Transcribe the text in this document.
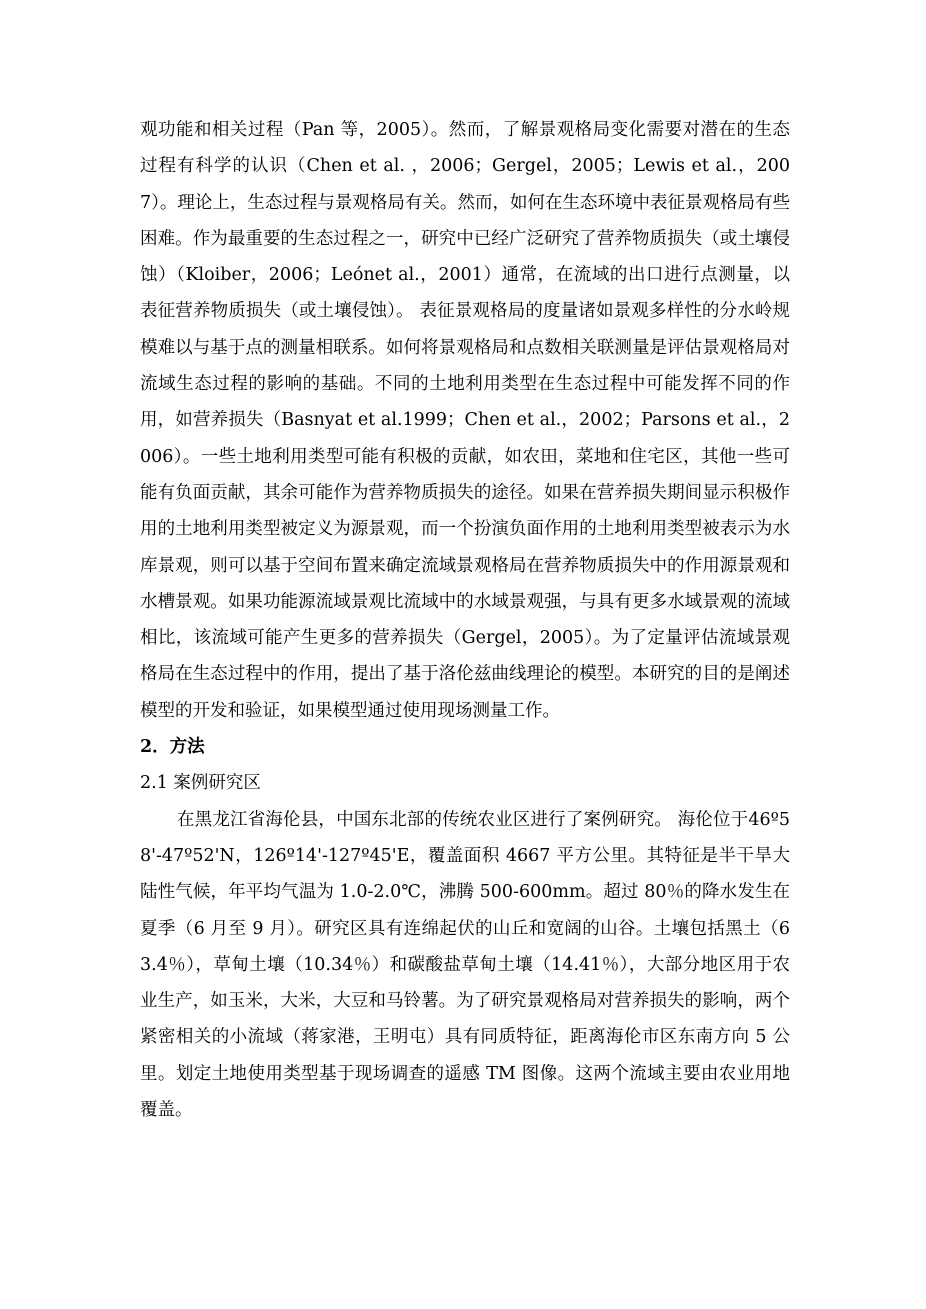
观功能和相关过程（Pan 等，2005）。然而，了解景观格局变化需要对潜在的生态过程有科学的认识（Chen et al. ，2006；Gergel，2005；Lewis et al.，2007）。理论上，生态过程与景观格局有关。然而，如何在生态环境中表征景观格局有些困难。作为最重要的生态过程之一，研究中已经广泛研究了营养物质损失（或土壤侵蚀）（Kloiber，2006；Leónet al.，2001）通常，在流域的出口进行点测量，以表征营养物质损失（或土壤侵蚀）。 表征景观格局的度量诸如景观多样性的分水岭规模难以与基于点的测量相联系。如何将景观格局和点数相关联测量是评估景观格局对流域生态过程的影响的基础。不同的土地利用类型在生态过程中可能发挥不同的作用，如营养损失（Basnyat et al.1999；Chen et al.，2002；Parsons et al.，2006）。一些土地利用类型可能有积极的贡献，如农田，菜地和住宅区，其他一些可能有负面贡献，其余可能作为营养物质损失的途径。如果在营养损失期间显示积极作用的土地利用类型被定义为源景观，而一个扮演负面作用的土地利用类型被表示为水库景观，则可以基于空间布置来确定流域景观格局在营养物质损失中的作用源景观和水槽景观。如果功能源流域景观比流域中的水域景观强，与具有更多水域景观的流域相比，该流域可能产生更多的营养损失（Gergel，2005）。为了定量评估流域景观格局在生态过程中的作用，提出了基于洛伦兹曲线理论的模型。本研究的目的是阐述模型的开发和验证，如果模型通过使用现场测量工作。

2．方法

2.1 案例研究区

在黑龙江省海伦县，中国东北部的传统农业区进行了案例研究。 海伦位于46º58'-47º52'N，126º14'-127º45'E，覆盖面积 4667 平方公里。其特征是半干旱大陆性气候，年平均气温为 1.0-2.0℃，沸腾 500-600mm。超过 80％的降水发生在夏季（6 月至 9 月）。研究区具有连绵起伏的山丘和宽阔的山谷。土壤包括黑土（63.4％），草甸土壤（10.34％）和碳酸盐草甸土壤（14.41％），大部分地区用于农业生产，如玉米，大米，大豆和马铃薯。为了研究景观格局对营养损失的影响，两个紧密相关的小流域（蒋家港，王明屯）具有同质特征，距离海伦市区东南方向 5 公里。划定土地使用类型基于现场调查的遥感 TM 图像。这两个流域主要由农业用地覆盖。
